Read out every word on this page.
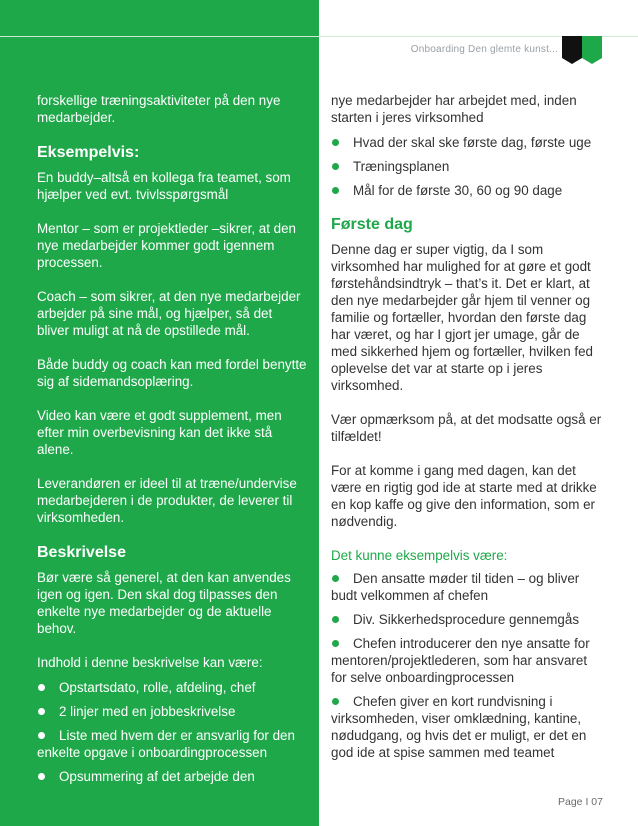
Onboarding Den glemte kunst...

forskellige træningsaktiviteter på den nye medarbejder.

Eksempelvis:

En buddy–altså en kollega fra teamet, som hjælper ved evt. tvivlsspørgsmål

Mentor – som er projektleder –sikrer, at den nye medarbejder kommer godt igennem processen.

Coach – som sikrer, at den nye medarbejder arbejder på sine mål, og hjælper, så det bliver muligt at nå de opstillede mål.

Både buddy og coach kan med fordel benytte sig af sidemandsoplæring.

Video kan være et godt supplement, men efter min overbevisning kan det ikke stå alene.

Leverandøren er ideel til at træne/undervise medarbejderen i de produkter, de leverer til virksomheden.

Beskrivelse

Bør være så generel, at den kan anvendes igen og igen. Den skal dog tilpasses den enkelte nye medarbejder og de aktuelle behov.

Indhold i denne beskrivelse kan være:

Opstartsdato, rolle, afdeling, chef
2 linjer med en jobbeskrivelse
Liste med hvem der er ansvarlig for den enkelte opgave i onboardingprocessen
Opsummering af det arbejde den

nye medarbejder har arbejdet med, inden starten i jeres virksomhed

Hvad der skal ske første dag, første uge
Træningsplanen
Mål for de første 30, 60 og 90 dage
Første dag

Denne dag er super vigtig, da I som virksomhed har mulighed for at gøre et godt førstehåndsindtryk – that’s it. Det er klart, at den nye medarbejder går hjem til venner og familie og fortæller, hvordan den første dag har været, og har I gjort jer umage, går de med sikkerhed hjem og fortæller, hvilken fed oplevelse det var at starte op i jeres virksomhed.

Vær opmærksom på, at det modsatte også er tilfældet!

For at komme i gang med dagen, kan det være en rigtig god ide at starte med at drikke en kop kaffe og give den information, som er nødvendig.

Det kunne eksempelvis være:
Den ansatte møder til tiden – og bliver budt velkommen af chefen
Div. Sikkerhedsprocedure gennemgås
Chefen introducerer den nye ansatte for mentoren/projektlederen, som har ansvaret for selve onboardingprocessen
Chefen giver en kort rundvisning i virksomheden, viser omklædning, kantine, nødudgang, og hvis det er muligt, er det en god ide at spise sammen med teamet
Page I 07
